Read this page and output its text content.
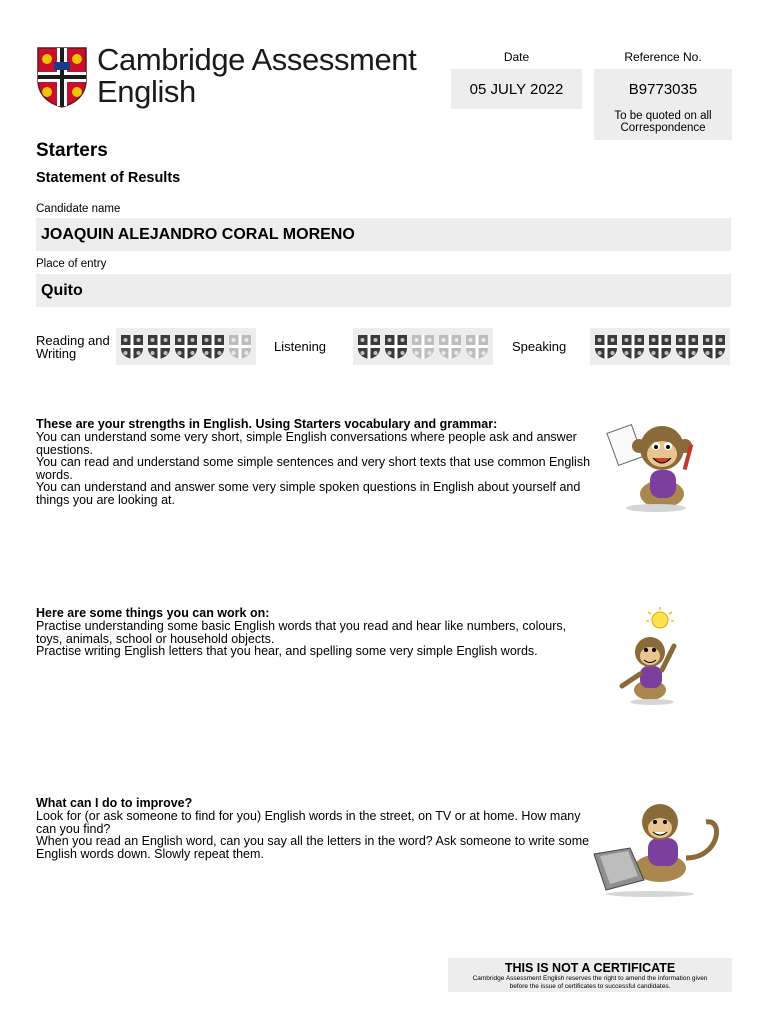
Cambridge Assessment
English
Date
05 JULY 2022
Reference No.
B9773035
To be quoted on all Correspondence
Starters
Statement of Results
Candidate name
JOAQUIN ALEJANDRO CORAL MORENO
Place of entry
Quito
Reading and Writing	Listening	Speaking
These are your strengths in English. Using Starters vocabulary and grammar:

You can understand some very short, simple English conversations where people ask and answer questions.

You can read and understand some simple sentences and very short texts that use common English words.

You can understand and answer some very simple spoken questions in English about yourself and things you are looking at.

Here are some things you can work on:

Practise understanding some basic English words that you read and hear like numbers, colours, toys, animals, school or household objects.

Practise writing English letters that you hear, and spelling some very simple English words.

What can I do to improve?

Look for (or ask someone to find for you) English words in the street, on TV or at home. How many can you find?

When you read an English word, can you say all the letters in the word? Ask someone to write some English words down. Slowly repeat them.

THIS IS NOT A CERTIFICATE
Cambridge Assessment English reserves the right to amend the information given
before the issue of certificates to successful candidates.
